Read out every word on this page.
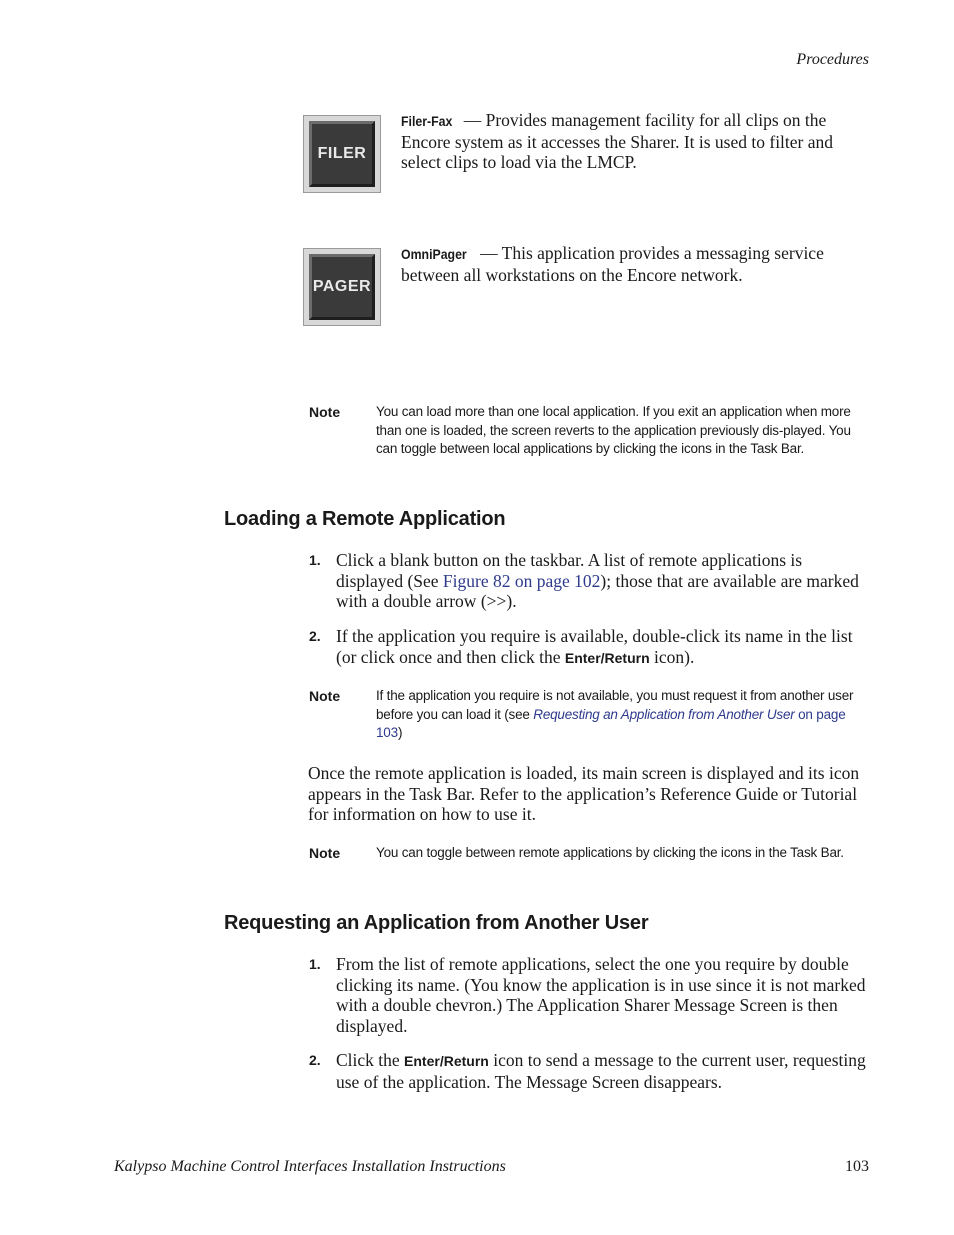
Procedures
FILER
Filer-Fax — Provides management facility for all clips on the Encore system as it accesses the Sharer. It is used to filter and select clips to load via the LMCP.
PAGER
OmniPager — This application provides a messaging service between all workstations on the Encore network.
Note	You can load more than one local application. If you exit an application when more than one is loaded, the screen reverts to the application previously dis-played. You can toggle between local applications by clicking the icons in the Task Bar.
Loading a Remote Application
1. Click a blank button on the taskbar. A list of remote applications is displayed (See Figure 82 on page 102); those that are available are marked with a double arrow (>>).
2. If the application you require is available, double-click its name in the list (or click once and then click the Enter/Return icon).
Note	If the application you require is not available, you must request it from another user before you can load it (see Requesting an Application from Another User on page 103)
Once the remote application is loaded, its main screen is displayed and its icon appears in the Task Bar. Refer to the application’s Reference Guide or Tutorial for information on how to use it.
Note	You can toggle between remote applications by clicking the icons in the Task Bar.
Requesting an Application from Another User
1. From the list of remote applications, select the one you require by double clicking its name. (You know the application is in use since it is not marked with a double chevron.) The Application Sharer Message Screen is then displayed.
2. Click the Enter/Return icon to send a message to the current user, requesting use of the application. The Message Screen disappears.
Kalypso Machine Control Interfaces Installation Instructions	103
